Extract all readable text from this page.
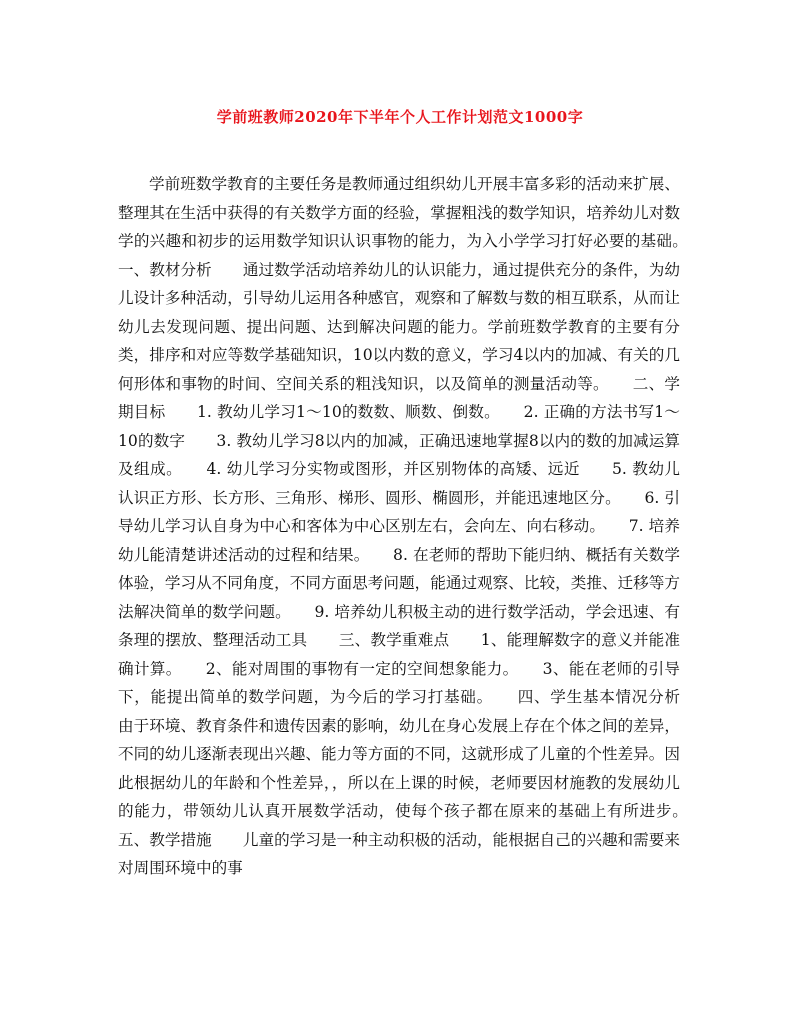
学前班教师2020年下半年个人工作计划范文1000字

学前班数学教育的主要任务是教师通过组织幼儿开展丰富多彩的活动来扩展、整理其在生活中获得的有关数学方面的经验，掌握粗浅的数学知识，培养幼儿对数学的兴趣和初步的运用数学知识认识事物的能力，为入小学学习打好必要的基础。　　一、教材分析　　通过数学活动培养幼儿的认识能力，通过提供充分的条件，为幼儿设计多种活动，引导幼儿运用各种感官，观察和了解数与数的相互联系，从而让幼儿去发现问题、提出问题、达到解决问题的能力。学前班数学教育的主要有分类，排序和对应等数学基础知识，10以内数的意义，学习4以内的加减、有关的几何形体和事物的时间、空间关系的粗浅知识，以及简单的测量活动等。　　二、学期目标　　1. 教幼儿学习1～10的数数、顺数、倒数。　　2. 正确的方法书写1～10的数字　　3. 教幼儿学习8以内的加减，正确迅速地掌握8以内的数的加减运算及组成。　　4. 幼儿学习分实物或图形，并区别物体的高矮、远近　　5. 教幼儿认识正方形、长方形、三角形、梯形、圆形、椭圆形，并能迅速地区分。　　6. 引导幼儿学习认自身为中心和客体为中心区别左右，会向左、向右移动。　　7. 培养幼儿能清楚讲述活动的过程和结果。　　8. 在老师的帮助下能归纳、概括有关数学体验，学习从不同角度，不同方面思考问题，能通过观察、比较，类推、迁移等方法解决简单的数学问题。　　9. 培养幼儿积极主动的进行数学活动，学会迅速、有条理的摆放、整理活动工具　　三、教学重难点　　1、能理解数字的意义并能准确计算。　　2、能对周围的事物有一定的空间想象能力。　　3、能在老师的引导下，能提出简单的数学问题，为今后的学习打基础。　　四、学生基本情况分析　　由于环境、教育条件和遗传因素的影响，幼儿在身心发展上存在个体之间的差异，不同的幼儿逐渐表现出兴趣、能力等方面的不同，这就形成了儿童的个性差异。因此根据幼儿的年龄和个性差异，，所以在上课的时候，老师要因材施教的发展幼儿的能力，带领幼儿认真开展数学活动，使每个孩子都在原来的基础上有所进步。　　五、教学措施　　儿童的学习是一种主动积极的活动，能根据自己的兴趣和需要来对周围环境中的事
